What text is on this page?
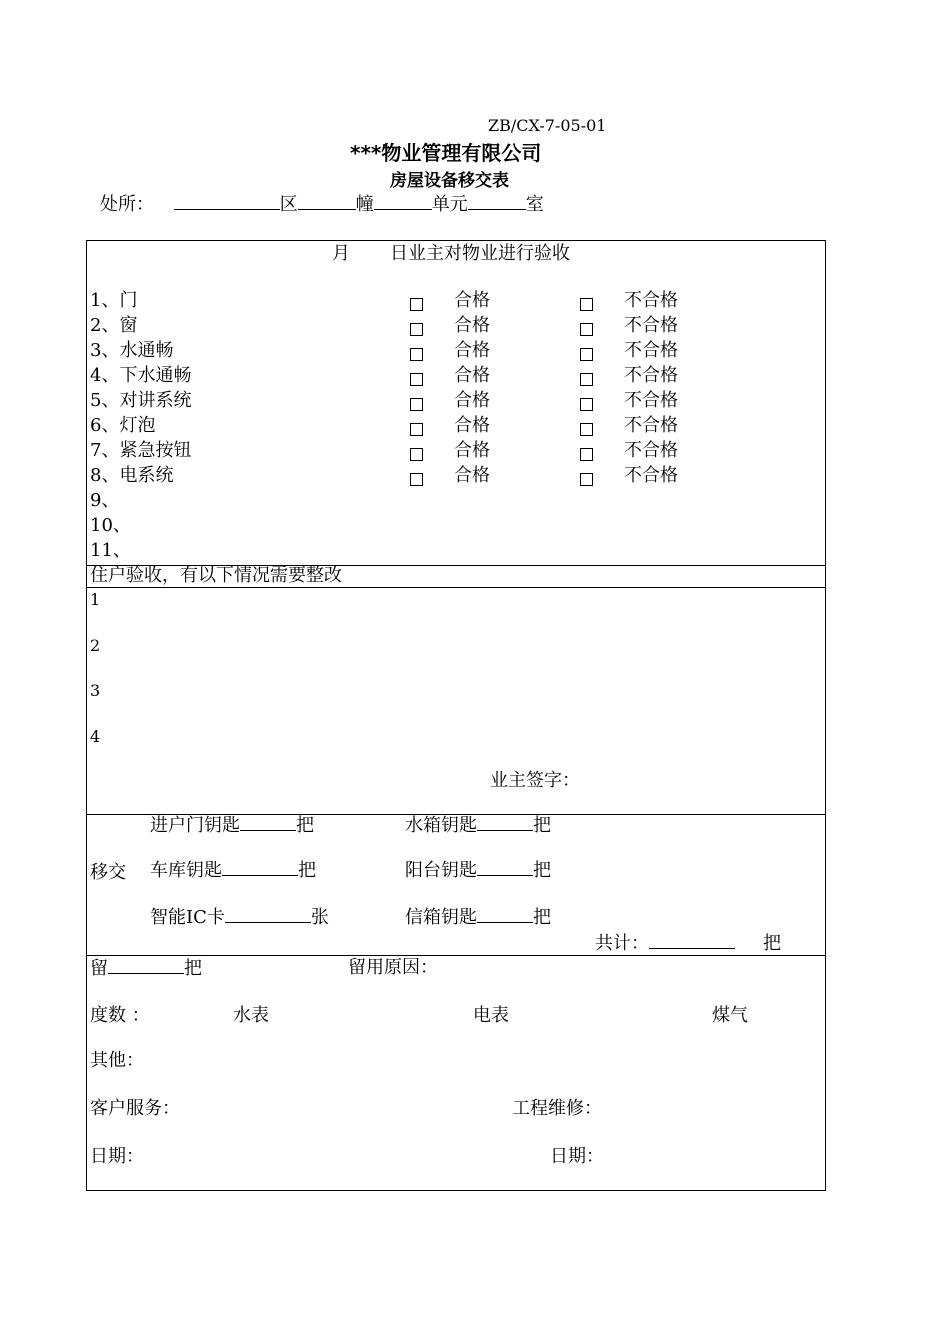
ZB/CX-7-05-01
***物业管理有限公司
房屋设备移交表
处所：	区	幢	单元	室
月 日业主对物业进行验收
1、门	合格	不合格
2、窗	合格	不合格
3、水通畅	合格	不合格
4、下水通畅	合格	不合格
5、对讲系统	合格	不合格
6、灯泡	合格	不合格
7、紧急按钮	合格	不合格
8、电系统	合格	不合格
9、
10、
11、
住户验收，有以下情况需要整改
1
2
3
4
业主签字：
移交
进户门钥匙	把	水箱钥匙	把
车库钥匙	把	阳台钥匙	把
智能IC卡	张	信箱钥匙	把
共计：	把
留	把	留用原因：
度数 ：	水表	电表	煤气
其他：
客户服务：	工程维修：
日期：	日期：
